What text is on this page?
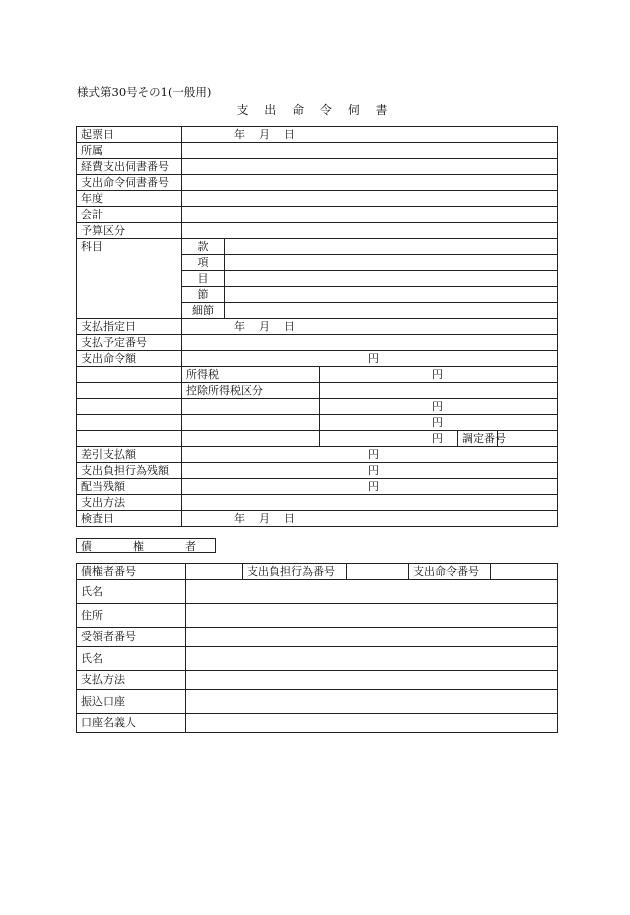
様式第30号その1(一般用)
支 出 命 令 伺 書
起票日	年 月 日				
所属					
経費支出伺書番号					
支出命令伺書番号					
年度					
会計					
予算区分					
科目	款				
	項				
	目				
	節				
	細節				
支払指定日	年 月 日				
支払予定番号					
支出命令額	円				
	所得税		円		
	控除所得税区分				
			円		
			円		
			円	調定番号	
差引支払額	円				
支出負担行為残額	円				
配当残額	円				
支出方法					
検査日	年 月 日				
債	権	者
債権者番号		支出負担行為番号		支出命令番号	
氏名					
住所					
受領者番号					
氏名					
支払方法					
振込口座					
口座名義人					
